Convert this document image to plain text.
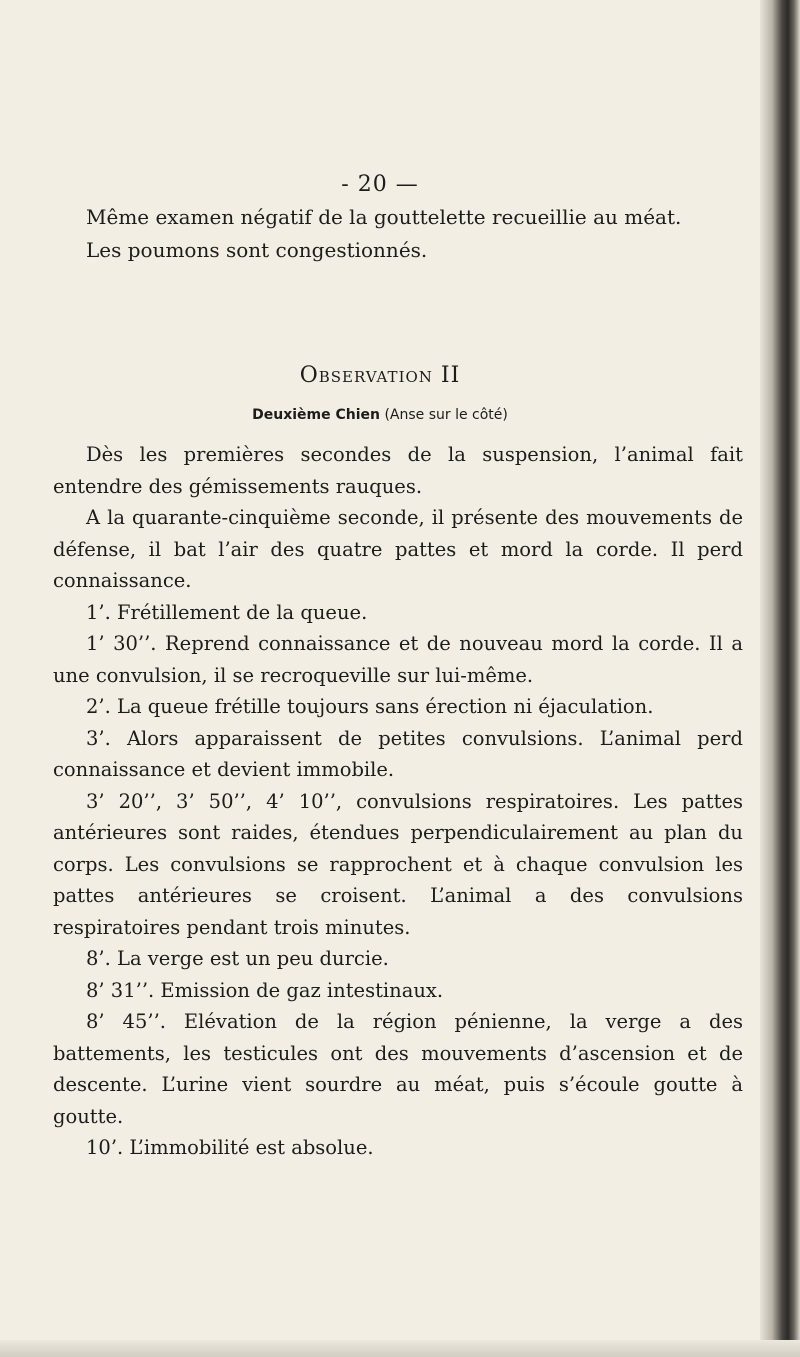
- 20 —

Même examen négatif de la gouttelette recueillie au méat.

Les poumons sont congestionnés.

Observation II
Deuxième Chien (Anse sur le côté)

Dès les premières secondes de la suspension, l’animal fait entendre des gémissements rauques.

A la quarante-cinquième seconde, il présente des mouvements de défense, il bat l’air des quatre pattes et mord la corde. Il perd connaissance.

1’. Frétillement de la queue.

1’ 30’’. Reprend connaissance et de nouveau mord la corde. Il a une convulsion, il se recroqueville sur lui-même.

2’. La queue frétille toujours sans érection ni éjaculation.

3’. Alors apparaissent de petites convulsions. L’animal perd connaissance et devient immobile.

3’ 20’’, 3’ 50’’, 4’ 10’’, convulsions respiratoires. Les pattes antérieures sont raides, étendues perpendiculairement au plan du corps. Les convulsions se rapprochent et à chaque convulsion les pattes antérieures se croisent. L’animal a des convulsions respiratoires pendant trois minutes.

8’. La verge est un peu durcie.

8’ 31’’. Emission de gaz intestinaux.

8’ 45’’. Elévation de la région pénienne, la verge a des battements, les testicules ont des mouvements d’ascension et de descente. L’urine vient sourdre au méat, puis s’écoule goutte à goutte.

10’. L’immobilité est absolue.
